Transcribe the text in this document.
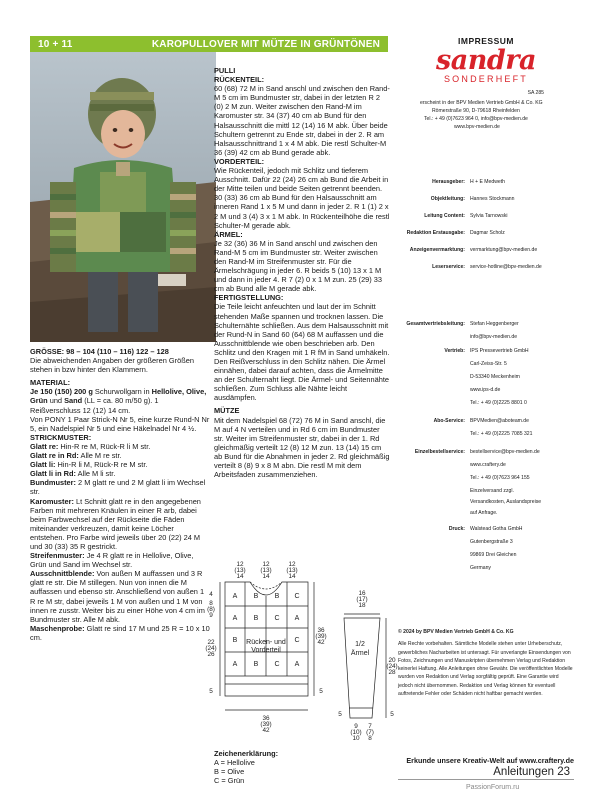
10 + 11	KAROPULLOVER MIT MÜTZE IN GRÜNTÖNEN

GRÖSSE: 98 – 104 (110 – 116) 122 – 128

Die abweichenden Angaben der größeren Größen stehen in bzw hinter den Klammern.

MATERIAL:

Je 150 (150) 200 g Schurwollgarn in Hellolive, Olive, Grün und Sand (LL = ca. 80 m/50 g). 1 Reißverschluss 12 (12) 14 cm.

Von PONY 1 Paar Strick-N Nr 5, eine kurze Rund-N Nr 5, ein Nadelspiel Nr 5 und eine Häkelnadel Nr 4 ½.

STRICKMUSTER:

Glatt re: Hin-R re M, Rück-R li M str.

Glatt re in Rd: Alle M re str.

Glatt li: Hin-R li M, Rück-R re M str.

Glatt li in Rd: Alle M li str.

Bundmuster: 2 M glatt re und 2 M glatt li im Wechsel str.

Karomuster: Lt Schnitt glatt re in den angegebenen Farben mit mehreren Knäulen in einer R arb, dabei beim Farbwechsel auf der Rückseite die Fäden miteinander verkreuzen, damit keine Löcher entstehen. Pro Farbe wird jeweils über 20 (22) 24 M und 30 (33) 35 R gestrickt.

Streifenmuster: Je 4 R glatt re in Hellolive, Olive, Grün und Sand im Wechsel str.

Ausschnittblende: Von außen M auffassen und 3 R glatt re str. Die M stillegen. Nun von innen die M auffassen und ebenso str. Anschließend von außen 1 R re M str, dabei jeweils 1 M von außen und 1 M von innen re zusstr. Weiter bis zu einer Höhe von 4 cm im Bundmuster str. Alle M abk.

Maschenprobe: Glatt re sind 17 M und 25 R = 10 x 10 cm.

PULLI

RÜCKENTEIL:

60 (68) 72 M in Sand anschl und zwischen den Rand-M 5 cm im Bundmuster str, dabei in der letzten R 2 (0) 2 M zun. Weiter zwischen den Rand-M im Karomuster str. 34 (37) 40 cm ab Bund für den Halsausschnitt die mittl 12 (14) 16 M abk. Über beide Schultern getrennt zu Ende str, dabei in der 2. R am Halsausschnittrand 1 x 4 M abk. Die restl Schulter-M 36 (39) 42 cm ab Bund gerade abk.

VORDERTEIL:

Wie Rückenteil, jedoch mit Schlitz und tieferem Ausschnitt. Dafür 22 (24) 26 cm ab Bund die Arbeit in der Mitte teilen und beide Seiten getrennt beenden. 30 (33) 36 cm ab Bund für den Halsausschnitt am inneren Rand 1 x 5 M und dann in jeder 2. R 1 (1) 2 x 2 M und 3 (4) 3 x 1 M abk. In Rückenteilhöhe die restl Schulter-M gerade abk.

ÄRMEL:

Je 32 (36) 36 M in Sand anschl und zwischen den Rand-M 5 cm im Bundmuster str. Weiter zwischen den Rand-M im Streifenmuster str. Für die Ärmelschrägung in jeder 6. R beids 5 (10) 13 x 1 M und dann in jeder 4. R 7 (2) 0 x 1 M zun. 25 (29) 33 cm ab Bund alle M gerade abk.

FERTIGSTELLUNG:

Die Teile leicht anfeuchten und laut der im Schnitt stehenden Maße spannen und trocknen lassen. Die Schulternähte schließen. Aus dem Halsausschnitt mit der Rund-N in Sand 60 (64) 68 M auffassen und die Ausschnittblende wie oben beschrieben arb. Den Schlitz und den Kragen mit 1 R fM in Sand umhäkeln. Den Reißverschluss in den Schlitz nähen. Die Ärmel einnähen, dabei darauf achten, dass die Ärmelmitte an der Schulternaht liegt. Die Ärmel- und Seitennähte schließen. Zum Schluss alle Nähte leicht ausdämpfen.

MÜTZE

Mit dem Nadelspiel 68 (72) 76 M in Sand anschl, die M auf 4 N verteilen und in Rd 6 cm im Bundmuster str. Weiter im Streifenmuster str, dabei in der 1. Rd gleichmäßig verteilt 12 (8) 12 M zun. 13 (14) 15 cm ab Bund für die Abnahmen in jeder 2. Rd gleichmäßig verteilt 8 (8) 9 x 8 M abn. Die restl M mit dem Arbeitsfaden zusammenziehen.

A B	C
A B C A
B	C
A B C A
B
12
(13)
14
12
(13)
14
12
(13)
14
4
8
(8)
9
22
(24)
26
5
36
(39)
42
5
36
(39)
42
Rücken- und
Vorderteil
16
(17)
18
1/2
Ärmel
20
(24)
28
5	5
9
(10)
10
7
(7)
8

Zeichenerklärung:

A = Hellolive

B = Olive

C = Grün

IMPRESSUM
sandra
SONDERHEFT
SA 285
erscheint in der BPV Medien Vertrieb GmbH & Co. KG
Römerstraße 90, D-79618 Rheinfelden
Tel.: + 49 (0)7623 964 0, info@bpv-medien.de
www.bpv-medien.de
Herausgeber: H + E Medweth
Objektleitung: Hannes Stockmann
Leitung Content: Sylvia Tarnowski
Redaktion Erstausgabe: Dagmar Scholz
Anzeigenvermarktung: vermarktung@bpv-medien.de
Leserservice: service-hotline@bpv-medien.de
Gesamtvertriebsleitung: Stefan Heggenberger
info@bpv-medien.de
Vertrieb: IPS Pressevertrieb GmbH
Carl-Zeiss-Str. 5
D-53340 Meckenheim
www.ips-d.de
Tel.: + 49 (0)2225 8801 0
Abo-Service: BPVMedien@aboteam.de
Tel.: + 49 (0)2225 7085 321
Einzelbestellservice: bestellservice@bpv-medien.de
www.craftery.de
Tel.: + 49 (0)7623 964 155
Einzelversand zzgl.
Versandkosten, Auslandspreise
auf Anfrage.
Druck: Walstead Gotha GmbH
Gutenbergstraße 3
99869 Drei Gleichen
Germany
© 2024 by BPV Medien Vertrieb GmbH & Co. KG
Alle Rechte vorbehalten. Sämtliche Modelle stehen unter Urheberschutz, gewerbliches Nacharbeiten ist untersagt. Für unverlangte Einsendungen von Fotos, Zeichnungen und Manuskripten übernehmen Verlag und Redaktion keinerlei Haftung. Alle Anleitungen ohne Gewähr. Die veröffentlichten Modelle wurden von Redaktion und Verlag sorgfältig geprüft. Eine Garantie wird jedoch nicht übernommen. Redaktion und Verlag können für eventuell auftretende Fehler oder Schäden nicht haftbar gemacht werden.
Erkunde unsere Kreativ-Welt auf www.craftery.de
Anleitungen 23
PassionForum.ru
